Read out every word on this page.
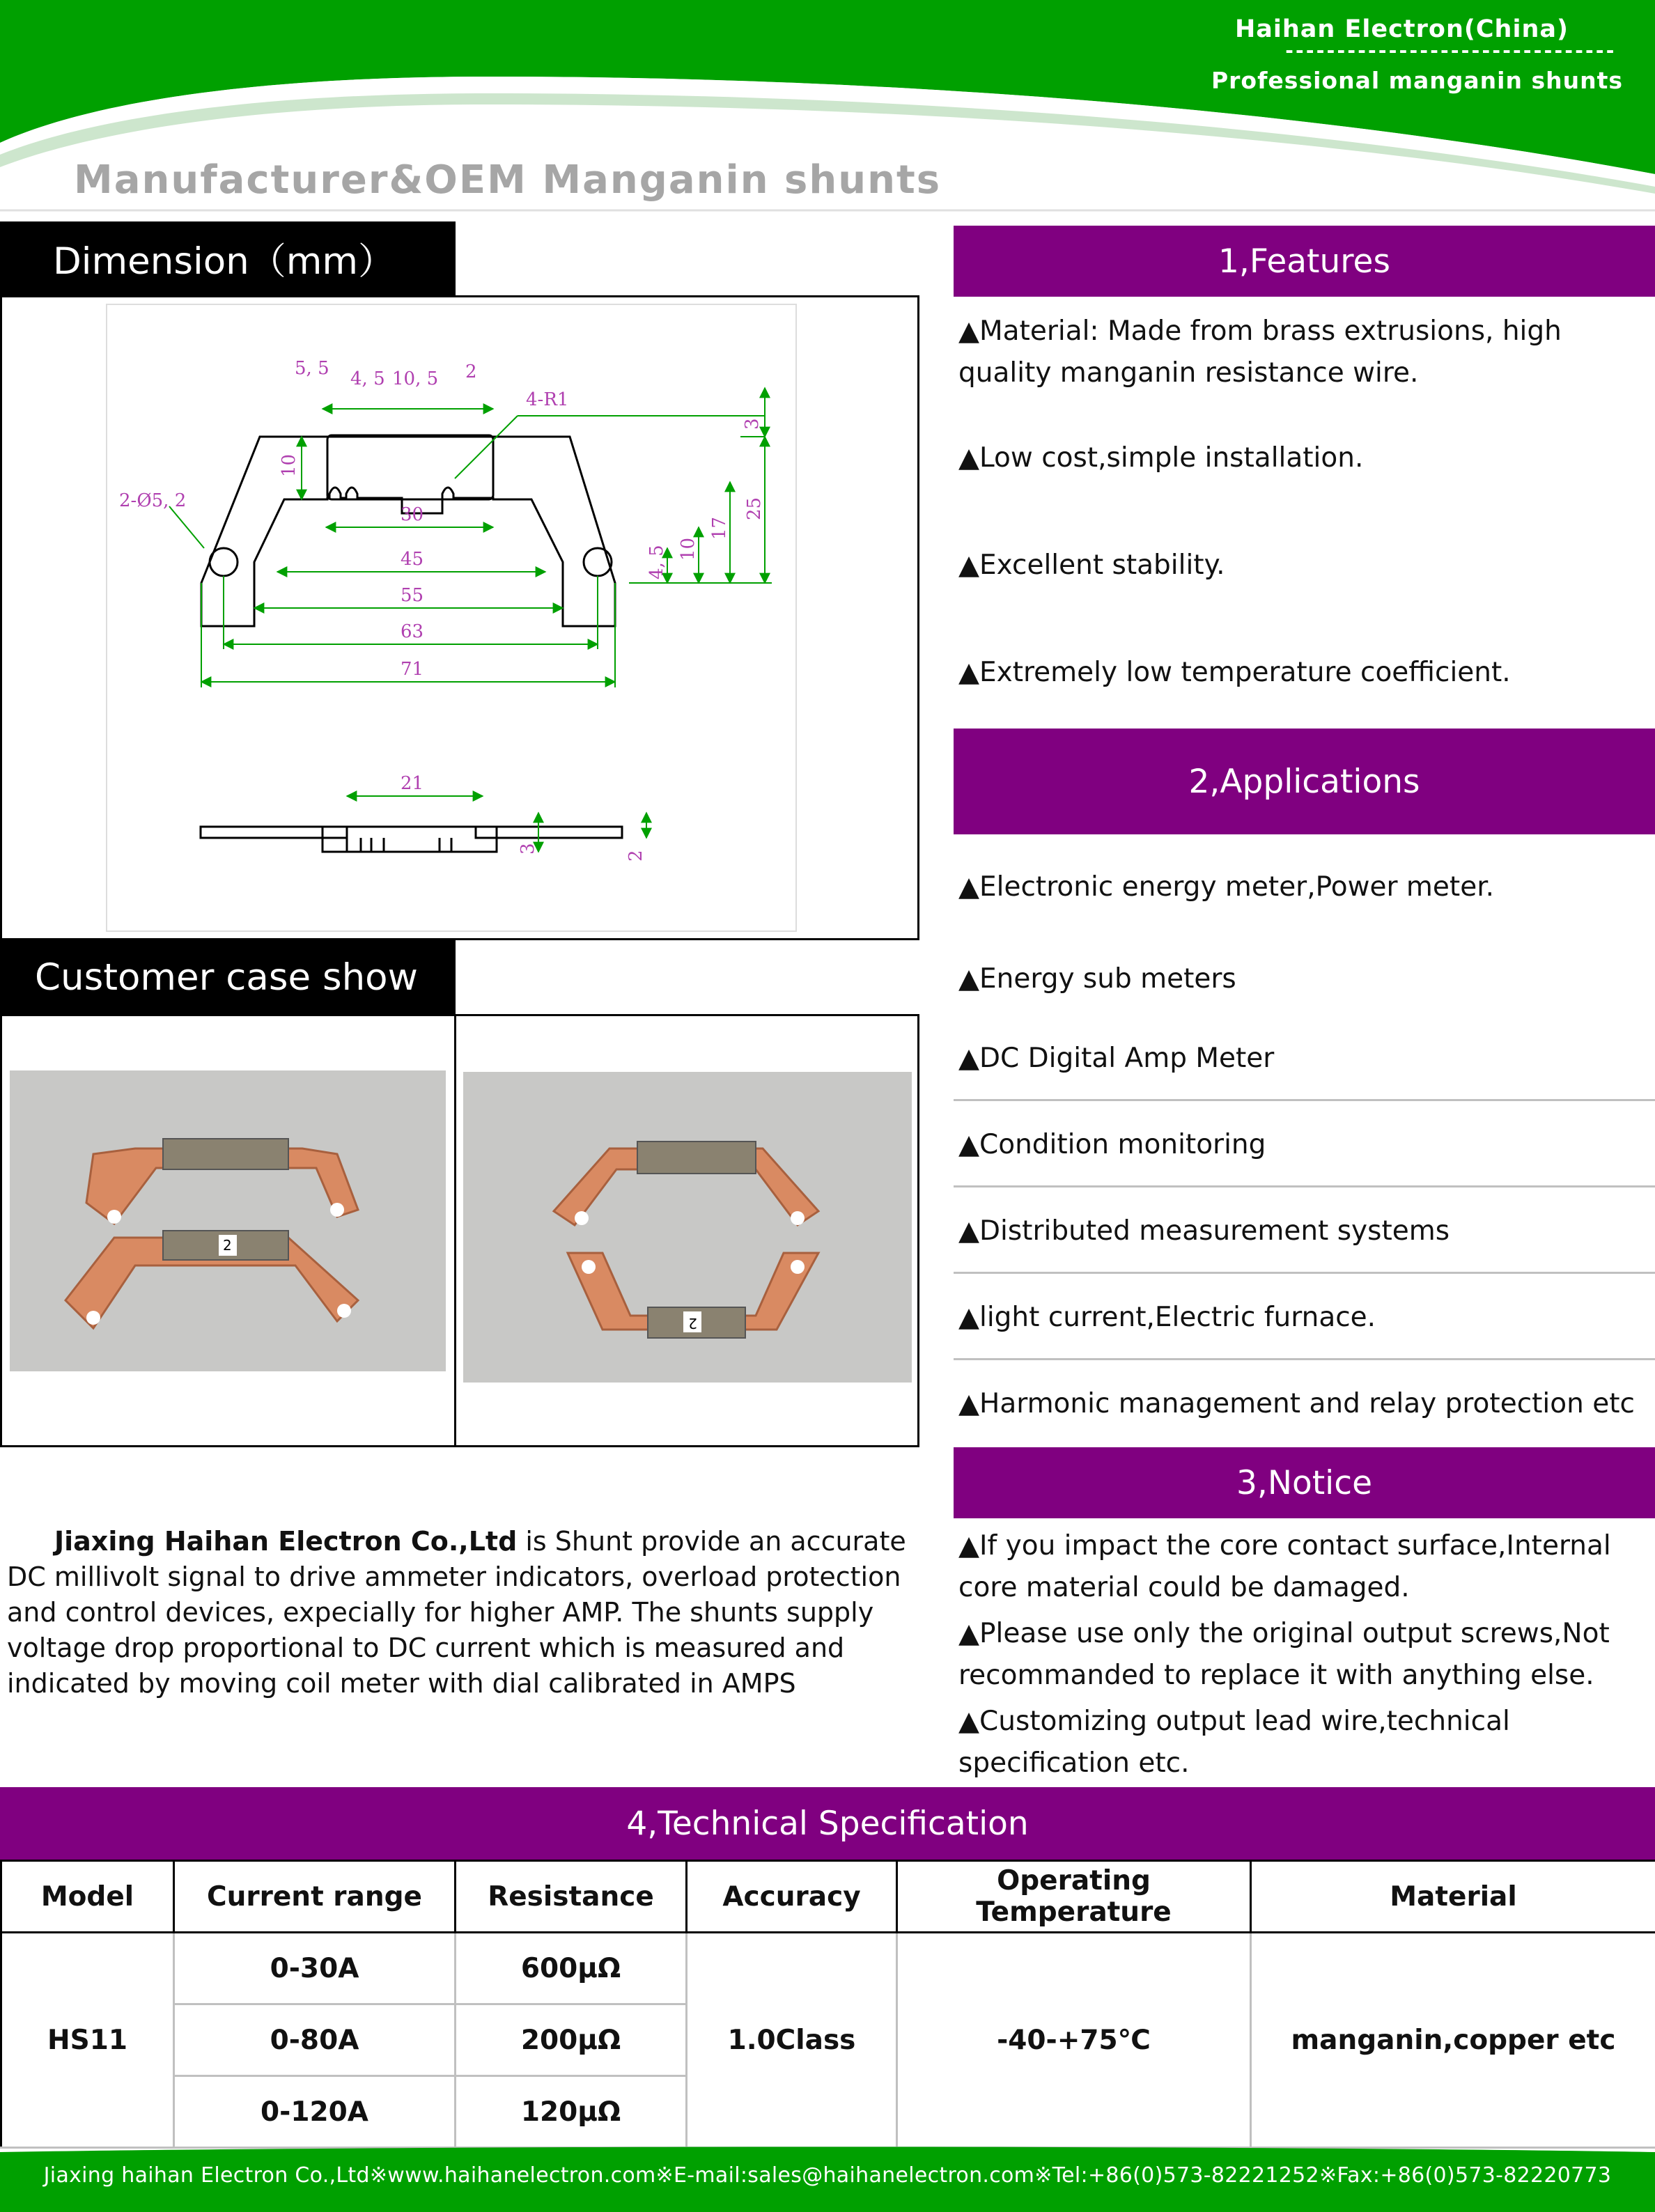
Haihan Electron(China)
--------------------------------
Professional manganin shunts
Manufacturer&OEM Manganin shunts
Dimension（mm）
5, 5 4, 5 10, 5 2
4-R1
3
10
2-Ø5, 2
30	25
17
10
4, 5
45
55
63
71
21
3
2
Customer case show
2
2
Jiaxing Haihan Electron Co.,Ltd is Shunt provide an accurate DC millivolt signal to drive ammeter indicators, overload protection and control devices, expecially for higher AMP. The shunts supply voltage drop proportional to DC current which is measured and indicated by moving coil meter with dial calibrated in AMPS
1,Features
▲Material: Made from brass extrusions, high quality manganin resistance wire.
▲Low cost,simple installation.
▲Excellent stability.
▲Extremely low temperature coefficient.
2,Applications
▲Electronic energy meter,Power meter.
▲Energy sub meters
▲DC Digital Amp Meter
▲Condition monitoring
▲Distributed measurement systems
▲light current,Electric furnace.
▲Harmonic management and relay protection etc
3,Notice
▲If you impact the core contact surface,Internal core material could be damaged.
▲Please use only the original output screws,Not recommanded to replace it with anything else.
▲Customizing output lead wire,technical specification etc.
4,Technical Specification
Model	Current range	Resistance	Accuracy	Operating Temperature	Material
HS11	0-30A	600μΩ	1.0Class	-40-+75℃	manganin,copper etc
	0-80A	200μΩ			
	0-120A	120μΩ			
Jiaxing haihan Electron Co.,Ltd※www.haihanelectron.com※E-mail:sales@haihanelectron.com※Tel:+86(0)573-82221252※Fax:+86(0)573-82220773
